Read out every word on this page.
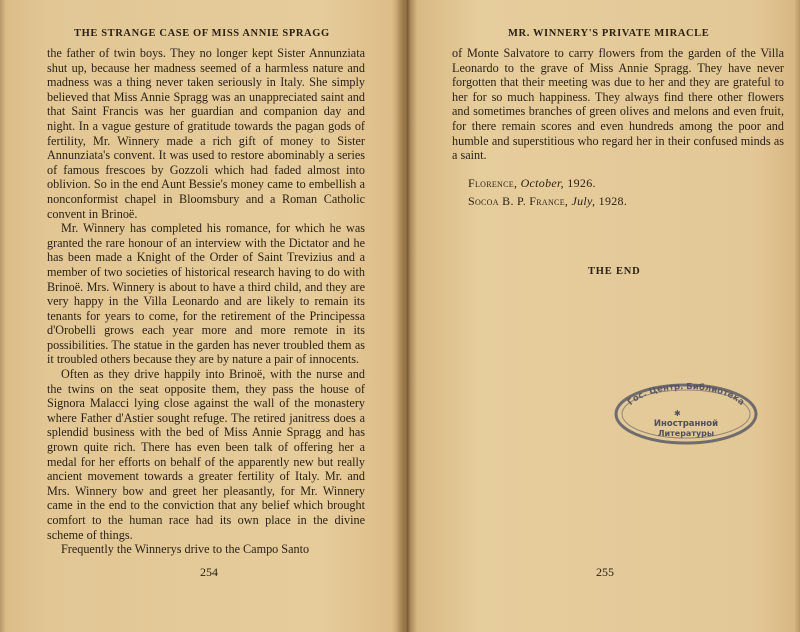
THE STRANGE CASE OF MISS ANNIE SPRAGG

the father of twin boys. They no longer kept Sister Annunziata shut up, because her madness seemed of a harmless nature and madness was a thing never taken seriously in Italy. She simply believed that Miss Annie Spragg was an unappreciated saint and that Saint Francis was her guardian and companion day and night. In a vague gesture of gratitude towards the pagan gods of fertility, Mr. Winnery made a rich gift of money to Sister Annunziata's convent. It was used to restore abominably a series of famous frescoes by Gozzoli which had faded almost into oblivion. So in the end Aunt Bessie's money came to embellish a nonconformist chapel in Bloomsbury and a Roman Catholic convent in Brinoë.

Mr. Winnery has completed his romance, for which he was granted the rare honour of an interview with the Dictator and he has been made a Knight of the Order of Saint Trevizius and a member of two societies of historical research having to do with Brinoë. Mrs. Winnery is about to have a third child, and they are very happy in the Villa Leonardo and are likely to remain its tenants for years to come, for the retirement of the Principessa d'Orobelli grows each year more and more remote in its possibilities. The statue in the garden has never troubled them as it troubled others because they are by nature a pair of innocents.

Often as they drive happily into Brinoë, with the nurse and the twins on the seat opposite them, they pass the house of Signora Malacci lying close against the wall of the monastery where Father d'Astier sought refuge. The retired janitress does a splendid business with the bed of Miss Annie Spragg and has grown quite rich. There has even been talk of offering her a medal for her efforts on behalf of the apparently new but really ancient movement towards a greater fertility of Italy. Mr. and Mrs. Winnery bow and greet her pleasantly, for Mr. Winnery came in the end to the conviction that any belief which brought comfort to the human race had its own place in the divine scheme of things.

Frequently the Winnerys drive to the Campo Santo

254
MR. WINNERY'S PRIVATE MIRACLE

of Monte Salvatore to carry flowers from the garden of the Villa Leonardo to the grave of Miss Annie Spragg. They have never forgotten that their meeting was due to her and they are grateful to her for so much happiness. They always find there other flowers and sometimes branches of green olives and melons and even fruit, for there remain scores and even hundreds among the poor and humble and superstitious who regard her in their confused minds as a saint.

Florence, October, 1926.
Socoa B. P. France, July, 1928.
THE END
Гос. Центр. Библиотека
✱
Иностранной
Литературы
255
